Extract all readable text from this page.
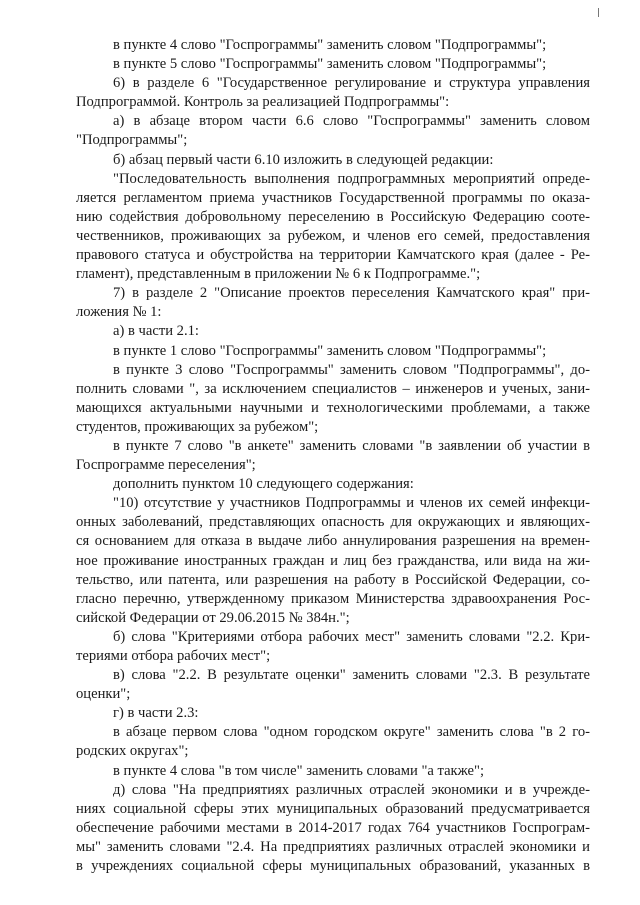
в пункте 4 слово "Госпрограммы" заменить словом "Подпрограммы";
в пункте 5 слово "Госпрограммы" заменить словом "Подпрограммы";
6) в разделе 6 "Государственное регулирование и структура управления
Подпрограммой. Контроль за реализацией Подпрограммы":
а) в абзаце втором части 6.6 слово "Госпрограммы" заменить словом
"Подпрограммы";
б) абзац первый части 6.10 изложить в следующей редакции:
"Последовательность выполнения подпрограммных мероприятий опреде-
ляется регламентом приема участников Государственной программы по оказа-
нию содействия добровольному переселению в Российскую Федерацию соотe-
чественников, проживающих за рубежом, и членов его семей, предоставления
правового статуса и обустройства на территории Камчатского края (далее - Ре-
гламент), представленным в приложении № 6 к Подпрограмме.";
7) в разделе 2 "Описание проектов переселения Камчатского края" при-
ложения № 1:
а) в части 2.1:
в пункте 1 слово "Госпрограммы" заменить словом "Подпрограммы";
в пункте 3 слово "Госпрограммы" заменить словом "Подпрограммы", до-
полнить словами ", за исключением специалистов – инженеров и ученых, зани-
мающихся актуальными научными и технологическими проблемами, а также
студентов, проживающих за рубежом";
в пункте 7 слово "в анкете" заменить словами "в заявлении об участии в
Госпрограмме переселения";
дополнить пунктом 10 следующего содержания:
"10) отсутствие у участников Подпрограммы и членов их семей инфекци-
онных заболеваний, представляющих опасность для окружающих и являющих-
ся основанием для отказа в выдаче либо аннулирования разрешения на времен-
ное проживание иностранных граждан и лиц без гражданства, или вида на жи-
тельство, или патента, или разрешения на работу в Российской Федерации, со-
гласно перечню, утвержденному приказом Министерства здравоохранения Рос-
сийской Федерации от 29.06.2015 № 384н.";
б) слова "Критериями отбора рабочих мест" заменить словами "2.2. Кри-
териями отбора рабочих мест";
в) слова "2.2. В результате оценки" заменить словами "2.3. В результате
оценки";
г) в части 2.3:
в абзаце первом слова "одном городском округе" заменить слова "в 2 го-
родских округах";
в пункте 4 слова "в том числе" заменить словами "а также";
д) слова "На предприятиях различных отраслей экономики и в учрежде-
ниях социальной сферы этих муниципальных образований предусматривается
обеспечение рабочими местами в 2014-2017 годах 764 участников Госпрограм-
мы" заменить словами "2.4. На предприятиях различных отраслей экономики и
в учреждениях социальной сферы муниципальных образований, указанных в
